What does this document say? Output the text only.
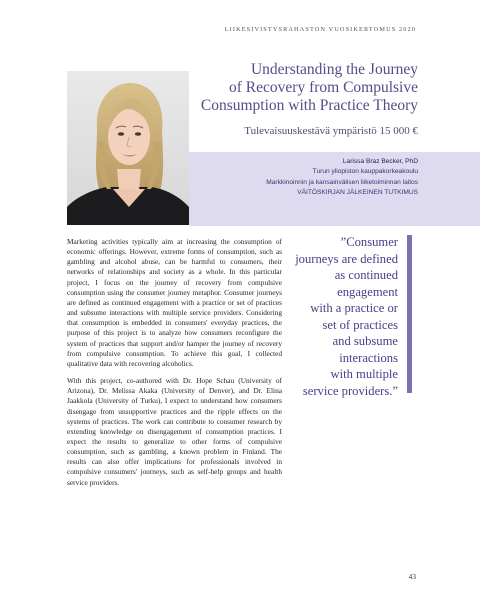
LIIKESIVISTYSRAHASTON VUOSIKERTOMUS 2020
Understanding the Journey
of Recovery from Compulsive
Consumption with Practice Theory
Tulevaisuuskestävä ympäristö 15 000 €
Larissa Braz Becker, PhD
Turun yliopiston kauppakorkeakoulu
Markkinoinnin ja kansainvälisen liiketoiminnan laitos
VÄITÖSKIRJAN JÄLKEINEN TUTKIMUS

Marketing activities typically aim at increasing the consumption of economic offerings. However, extreme forms of consumption, such as gambling and alcohol abuse, can be harmful to consumers, their networks of relationships and society as a whole. In this particular project, I focus on the journey of recovery from compulsive consumption using the consumer journey metaphor. Consumer journeys are defined as continued engagement with a practice or set of practices and subsume interactions with multiple service providers. Considering that consumption is embedded in consumers' everyday practices, the purpose of this project is to analyze how consumers reconfigure the system of practices that support and/or hamper the journey of recovery from compulsive consumption. To achieve this goal, I collected qualitative data with recovering alcoholics.

With this project, co-authored with Dr. Hope Schau (University of Arizona), Dr. Melissa Akaka (University of Denver), and Dr. Elina Jaakkola (University of Turku), I expect to understand how consumers disengage from unsupportive practices and the ripple effects on the systems of practices. The work can contribute to consumer research by extending knowledge on disengagement of consumption practices. I expect the results to generalize to other forms of compulsive consumption, such as gambling, a known problem in Finland. The results can also offer implications for professionals involved in compulsive consumers' journeys, such as self-help groups and health service providers.

”Consumer
journeys are defined
as continued
engagement
with a practice or
set of practices
and subsume
interactions
with multiple
service providers.”
43
